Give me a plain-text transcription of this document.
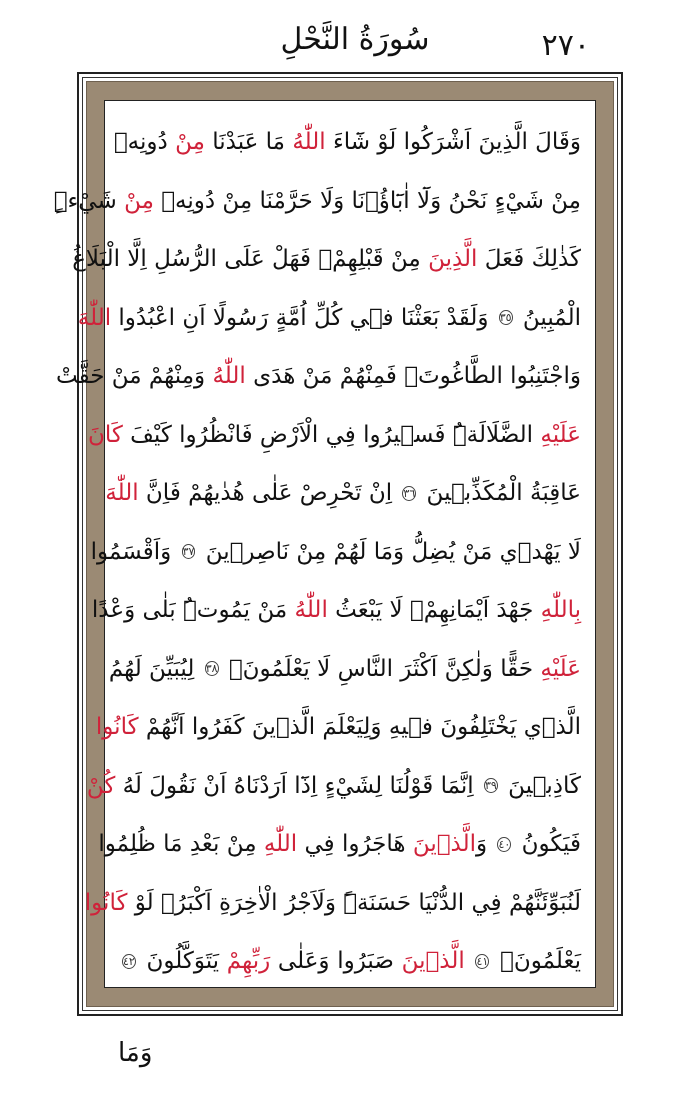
٢٧٠
سُورَةُ النَّحْلِ
وَقَالَ الَّذِينَ اَشْرَكُوا لَوْ شَٓاءَ اللّٰهُ مَا عَبَدْنَا مِنْ دُونِهٖ
مِنْ شَيْءٍ نَحْنُ وَلَٓا اٰبَٓاؤُ۬نَا وَلَا حَرَّمْنَا مِنْ دُونِهٖ مِنْ شَيْءٍۜ
كَذٰلِكَ فَعَلَ الَّذِينَ مِنْ قَبْلِهِمْۚ فَهَلْ عَلَى الرُّسُلِ اِلَّا الْبَلَاغُ
الْمُبِينُ ٣٥ وَلَقَدْ بَعَثْنَا ف۪ي كُلِّ اُمَّةٍ رَسُولًا اَنِ اعْبُدُوا اللّٰهَ
وَاجْتَنِبُوا الطَّاغُوتَۚ فَمِنْهُمْ مَنْ هَدَى اللّٰهُ وَمِنْهُمْ مَنْ حَقَّتْ
عَلَيْهِ الضَّلَالَةُۜ فَس۪يرُوا فِي الْاَرْضِ فَانْظُرُوا كَيْفَ كَانَ
عَاقِبَةُ الْمُكَذِّب۪ينَ ٣٦ اِنْ تَحْرِصْ عَلٰى هُدٰيهُمْ فَاِنَّ اللّٰهَ
لَا يَهْد۪ي مَنْ يُضِلُّ وَمَا لَهُمْ مِنْ نَاصِر۪ينَ ٣٧ وَاَقْسَمُوا
بِاللّٰهِ جَهْدَ اَيْمَانِهِمْۙ لَا يَبْعَثُ اللّٰهُ مَنْ يَمُوتُۜ بَلٰى وَعْدًا
عَلَيْهِ حَقًّا وَلٰكِنَّ اَكْثَرَ النَّاسِ لَا يَعْلَمُونَۙ ٣٨ لِيُبَيِّنَ لَهُمُ
الَّذ۪ي يَخْتَلِفُونَ ف۪يهِ وَلِيَعْلَمَ الَّذ۪ينَ كَفَرُوا اَنَّهُمْ كَانُوا
كَاذِب۪ينَ ٣٩ اِنَّمَا قَوْلُنَا لِشَيْءٍ اِذَٓا اَرَدْنَاهُ اَنْ نَقُولَ لَهُ كُنْ
فَيَكُونُ ٤٠ وَالَّذ۪ينَ هَاجَرُوا فِي اللّٰهِ مِنْ بَعْدِ مَا ظُلِمُوا
لَنُبَوِّئَنَّهُمْ فِي الدُّنْيَا حَسَنَةًۜ وَلَاَجْرُ الْاٰخِرَةِ اَكْبَرُۢ لَوْ كَانُوا
يَعْلَمُونَۙ ٤١ الَّذ۪ينَ صَبَرُوا وَعَلٰى رَبِّهِمْ يَتَوَكَّلُونَ ٤٢
وَمَا
